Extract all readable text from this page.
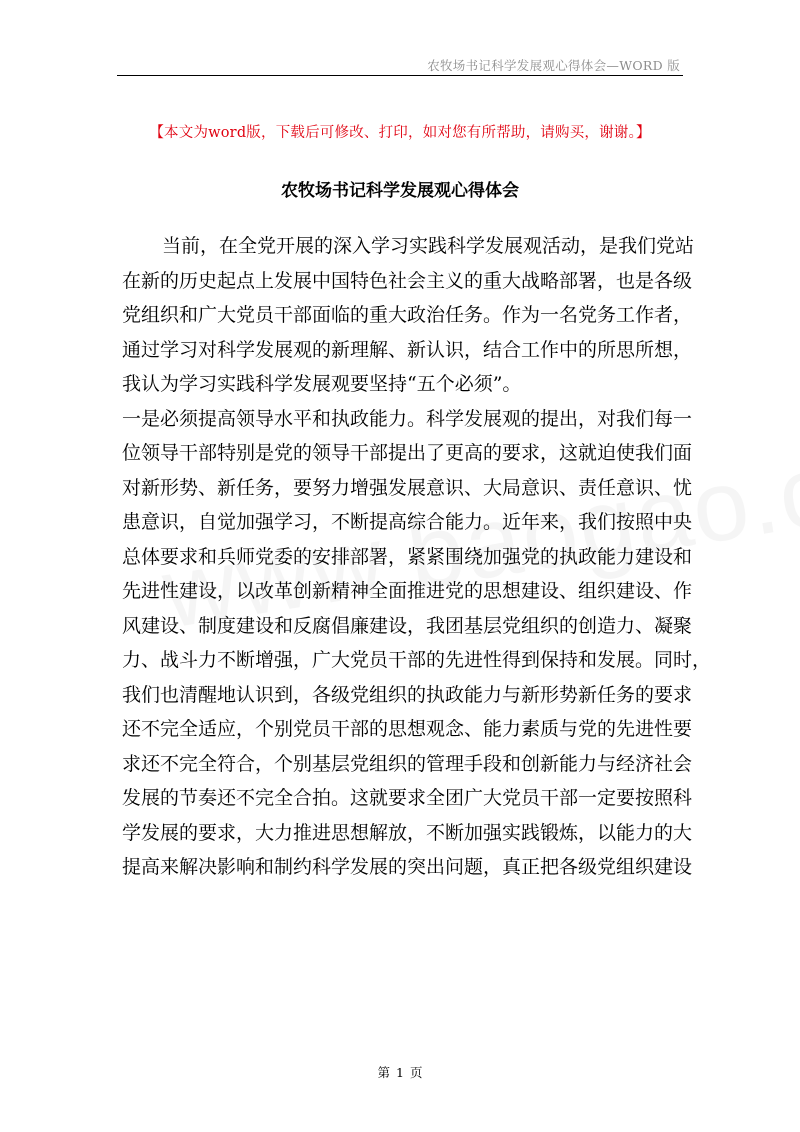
农牧场书记科学发展观心得体会—WORD 版
【本文为word版，下载后可修改、打印，如对您有所帮助，请购买，谢谢。】
农牧场书记科学发展观心得体会
当前，在全党开展的深入学习实践科学发展观活动，是我们党站
在新的历史起点上发展中国特色社会主义的重大战略部署，也是各级
党组织和广大党员干部面临的重大政治任务。作为一名党务工作者，
通过学习对科学发展观的新理解、新认识，结合工作中的所思所想，
我认为学习实践科学发展观要坚持“五个必须”。
一是必须提高领导水平和执政能力。科学发展观的提出，对我们每一
位领导干部特别是党的领导干部提出了更高的要求，这就迫使我们面
对新形势、新任务，要努力增强发展意识、大局意识、责任意识、忧
患意识，自觉加强学习，不断提高综合能力。近年来，我们按照中央
总体要求和兵师党委的安排部署，紧紧围绕加强党的执政能力建设和
先进性建设，以改革创新精神全面推进党的思想建设、组织建设、作
风建设、制度建设和反腐倡廉建设，我团基层党组织的创造力、凝聚
力、战斗力不断增强，广大党员干部的先进性得到保持和发展。同时，
我们也清醒地认识到，各级党组织的执政能力与新形势新任务的要求
还不完全适应，个别党员干部的思想观念、能力素质与党的先进性要
求还不完全符合，个别基层党组织的管理手段和创新能力与经济社会
发展的节奏还不完全合拍。这就要求全团广大党员干部一定要按照科
学发展的要求，大力推进思想解放，不断加强实践锻炼，以能力的大
提高来解决影响和制约科学发展的突出问题，真正把各级党组织建设
第 1 页
